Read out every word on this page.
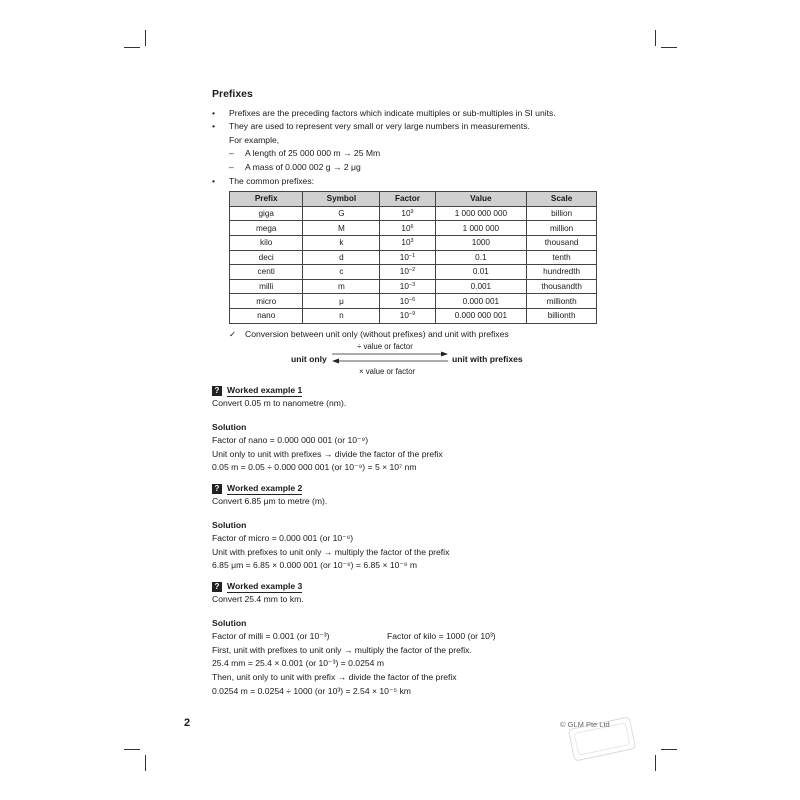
Prefixes
• Prefixes are the preceding factors which indicate multiples or sub-multiples in SI units.
• They are used to represent very small or very large numbers in measurements.
For example,
– A length of 25 000 000 m → 25 Mm
– A mass of 0.000 002 g → 2 μg
• The common prefixes:
Prefix	Symbol	Factor	Value	Scale
giga	G	$10^9$	1 000 000 000	billion
mega	M	$10^6$	1 000 000	million
kilo	k	$10^3$	1000	thousand
deci	d	$10^{-1}$	0.1	tenth
centi	c	$10^{-2}$	0.01	hundredth
milli	m	$10^{-3}$	0.001	thousandth
micro	μ	$10^{-6}$	0.000 001	millionth
nano	n	$10^{-9}$	0.000 000 001	billionth
✓ Conversion between unit only (without prefixes) and unit with prefixes
÷ value or factor
unit only	unit with prefixes
× value or factor
? Worked example 1
Convert 0.05 m to nanometre (nm).
Solution
Factor of nano = 0.000 000 001 (or 10⁻⁹)
Unit only to unit with prefixes → divide the factor of the prefix
0.05 m = 0.05 ÷ 0.000 000 001 (or 10⁻⁹) = 5 × 10⁷ nm
? Worked example 2
Convert 6.85 μm to metre (m).
Solution
Factor of micro = 0.000 001 (or 10⁻⁶)
Unit with prefixes to unit only → multiply the factor of the prefix
6.85 μm = 6.85 × 0.000 001 (or 10⁻⁶) = 6.85 × 10⁻⁶ m
? Worked example 3
Convert 25.4 mm to km.
Solution
Factor of milli = 0.001 (or 10⁻³)	Factor of kilo = 1000 (or 10³)
First, unit with prefixes to unit only → multiply the factor of the prefix.
25.4 mm = 25.4 × 0.001 (or 10⁻³) = 0.0254 m
Then, unit only to unit with prefix → divide the factor of the prefix
0.0254 m = 0.0254 ÷ 1000 (or 10³) = 2.54 × 10⁻⁵ km
2	© GLM Pte Ltd
